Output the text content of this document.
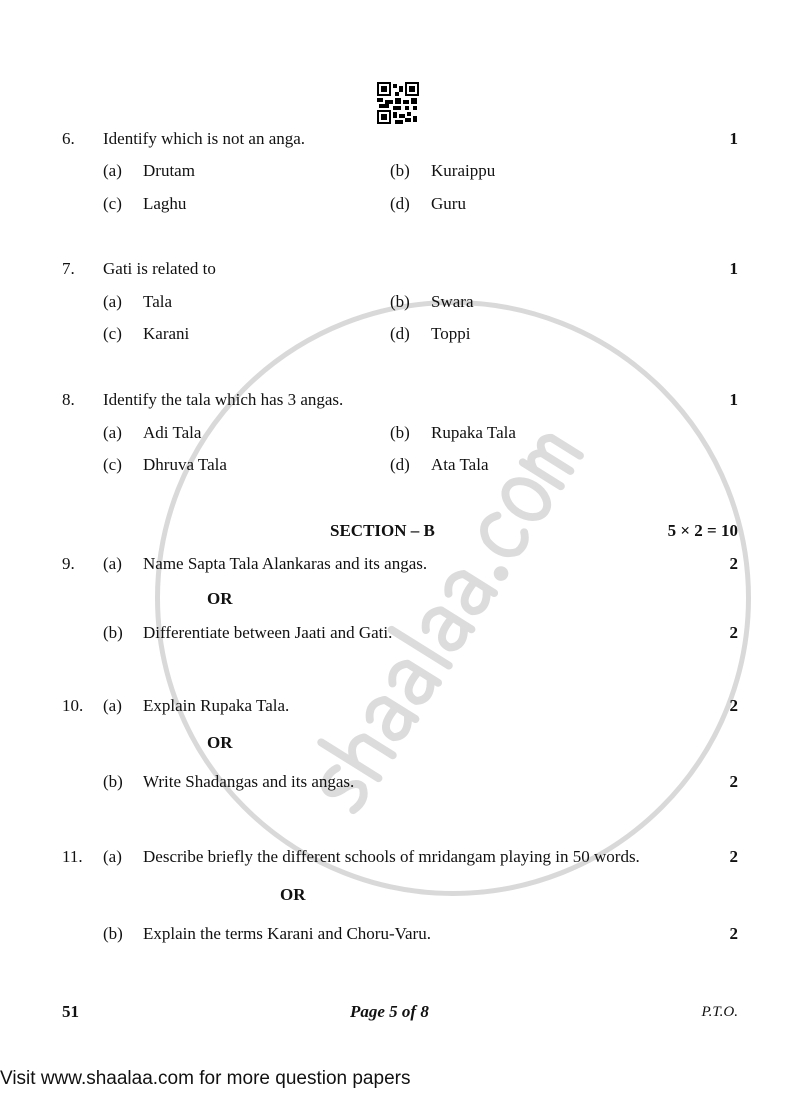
6. Identify which is not an anga.	1
(a) Drutam	(b) Kuraippu
(c) Laghu	(d) Guru
7. Gati is related to	1
(a) Tala	(b) Swara
(c) Karani	(d) Toppi
8. Identify the tala which has 3 angas.	1
(a) Adi Tala	(b) Rupaka Tala
(c) Dhruva Tala	(d) Ata Tala
SECTION – B	5 × 2 = 10
9. (a) Name Sapta Tala Alankaras and its angas.	2
OR
(b) Differentiate between Jaati and Gati.	2
10. (a) Explain Rupaka Tala.	2
OR
(b) Write Shadangas and its angas.	2
11. (a) Describe briefly the different schools of mridangam playing in 50 words.	2
OR
(b) Explain the terms Karani and Choru-Varu.	2
51	Page 5 of 8	P.T.O.
Visit www.shaalaa.com for more question papers
